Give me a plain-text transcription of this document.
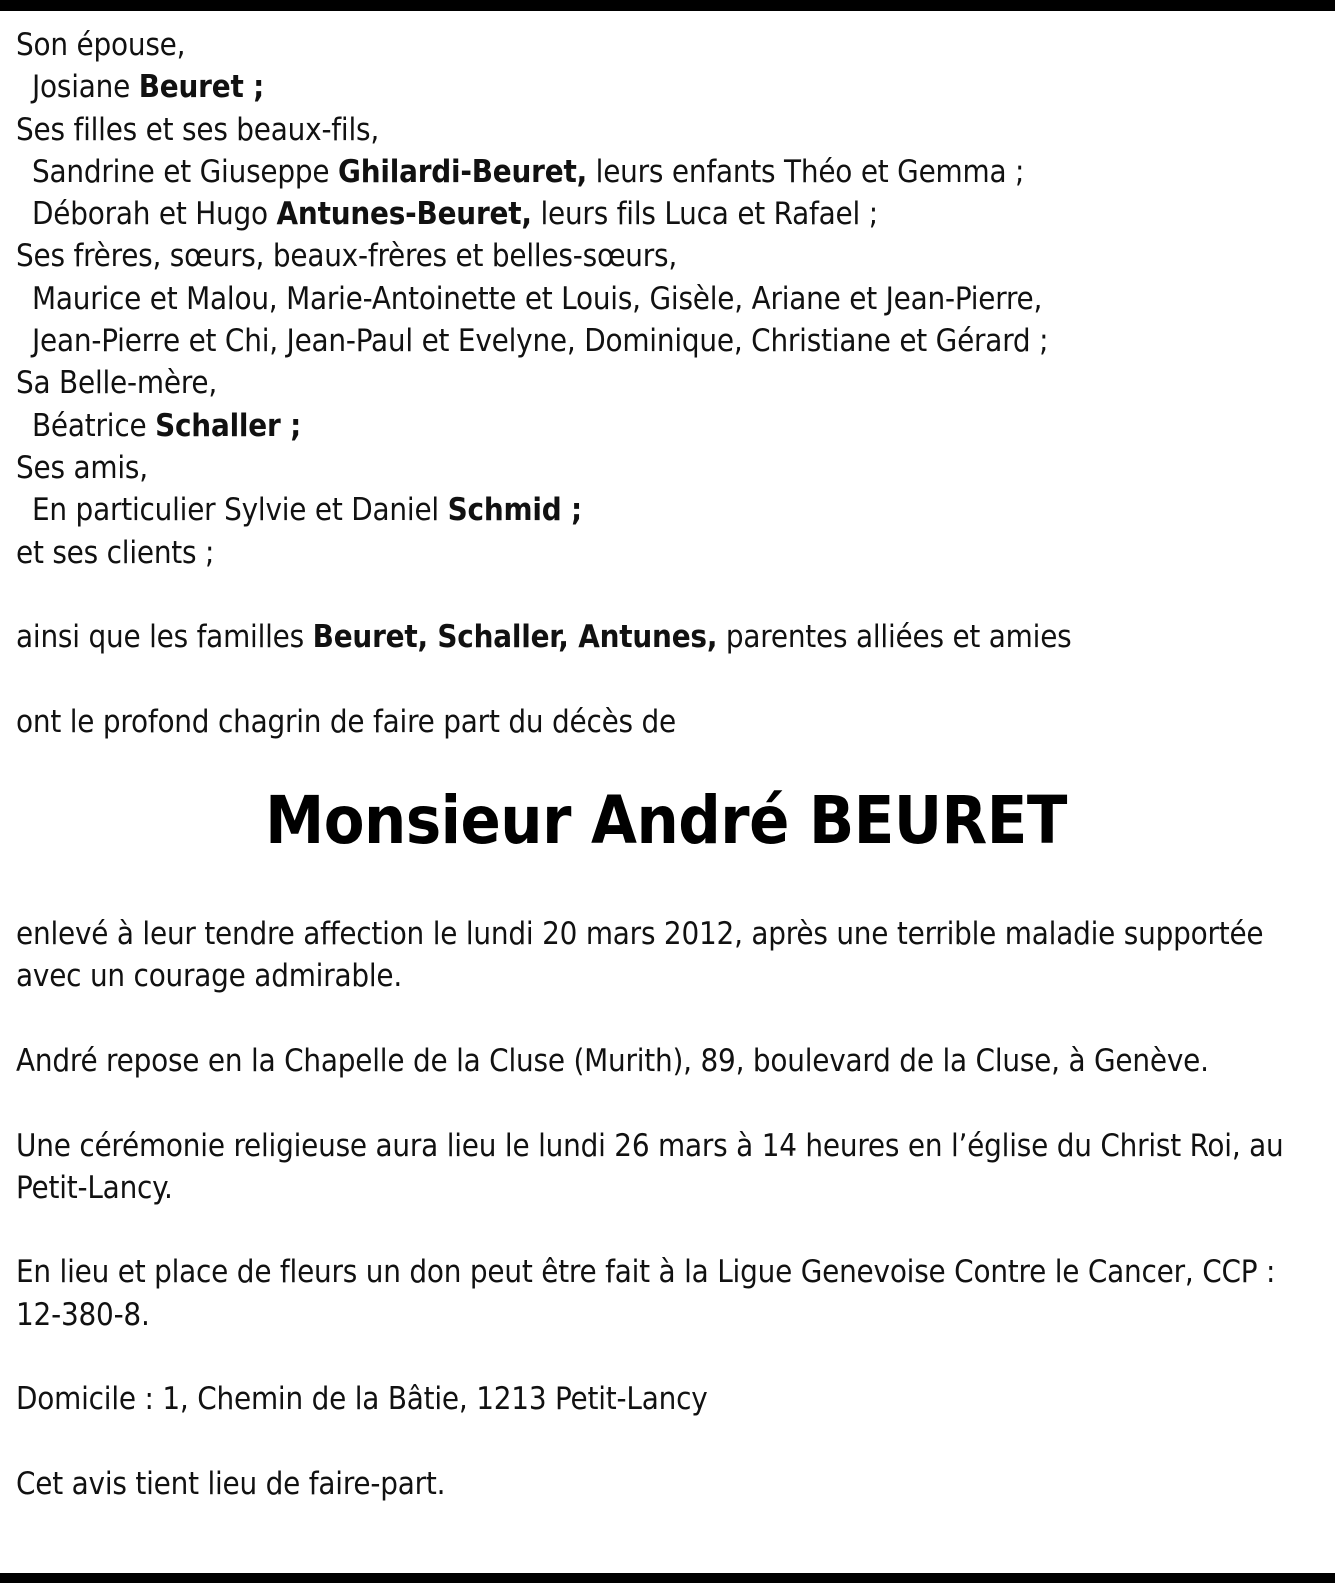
Son épouse,
Josiane Beuret ;
Ses filles et ses beaux-fils,
Sandrine et Giuseppe Ghilardi-Beuret, leurs enfants Théo et Gemma ;
Déborah et Hugo Antunes-Beuret, leurs fils Luca et Rafael ;
Ses frères, sœurs, beaux-frères et belles-sœurs,
Maurice et Malou, Marie-Antoinette et Louis, Gisèle, Ariane et Jean-Pierre,
Jean-Pierre et Chi, Jean-Paul et Evelyne, Dominique, Christiane et Gérard ;
Sa Belle-mère,
Béatrice Schaller ;
Ses amis,
En particulier Sylvie et Daniel Schmid ;
et ses clients ;
ainsi que les familles Beuret, Schaller, Antunes, parentes alliées et amies
ont le profond chagrin de faire part du décès de
Monsieur André BEURET
enlevé à leur tendre affection le lundi 20 mars 2012, après une terrible maladie supportée avec un courage admirable.
André repose en la Chapelle de la Cluse (Murith), 89, boulevard de la Cluse, à Genève.
Une cérémonie religieuse aura lieu le lundi 26 mars à 14 heures en l’église du Christ Roi, au Petit-Lancy.
En lieu et place de fleurs un don peut être fait à la Ligue Genevoise Contre le Cancer, CCP : 12-380-8.
Domicile : 1, Chemin de la Bâtie, 1213 Petit-Lancy
Cet avis tient lieu de faire-part.
